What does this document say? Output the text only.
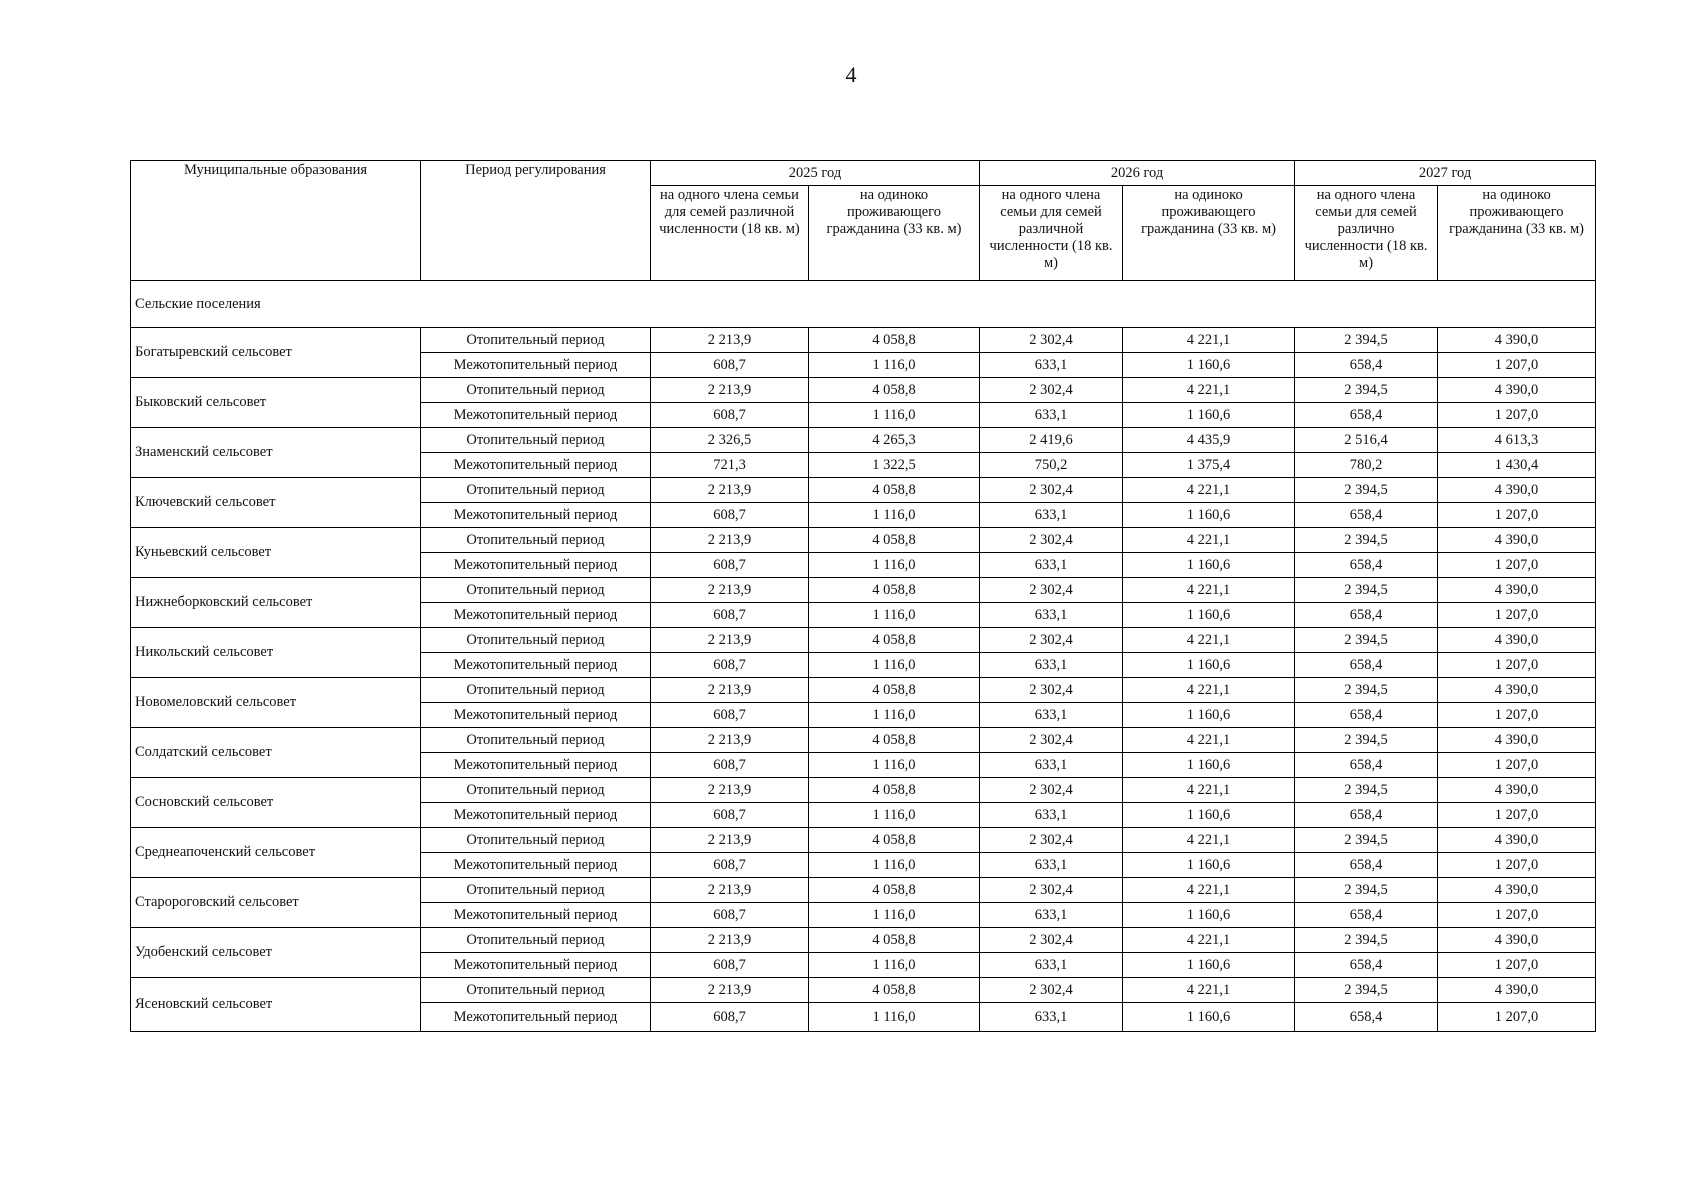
4
Муниципальные образования	Период регулирования	2025 год		2026 год		2027 год	
		на одного члена семьи для семей различной численности (18 кв. м)	на одиноко проживающего гражданина (33 кв. м)	на одного члена семьи для семей различной численности (18 кв. м)	на одиноко проживающего гражданина (33 кв. м)	на одного члена семьи для семей различно численности (18 кв. м)	на одиноко проживающего гражданина (33 кв. м)
Сельские поселения							
Богатыревский сельсовет	Отопительный период	2 213,9	4 058,8	2 302,4	4 221,1	2 394,5	4 390,0
	Межотопительный период	608,7	1 116,0	633,1	1 160,6	658,4	1 207,0
Быковский сельсовет	Отопительный период	2 213,9	4 058,8	2 302,4	4 221,1	2 394,5	4 390,0
	Межотопительный период	608,7	1 116,0	633,1	1 160,6	658,4	1 207,0
Знаменский сельсовет	Отопительный период	2 326,5	4 265,3	2 419,6	4 435,9	2 516,4	4 613,3
	Межотопительный период	721,3	1 322,5	750,2	1 375,4	780,2	1 430,4
Ключевский сельсовет	Отопительный период	2 213,9	4 058,8	2 302,4	4 221,1	2 394,5	4 390,0
	Межотопительный период	608,7	1 116,0	633,1	1 160,6	658,4	1 207,0
Куньевский сельсовет	Отопительный период	2 213,9	4 058,8	2 302,4	4 221,1	2 394,5	4 390,0
	Межотопительный период	608,7	1 116,0	633,1	1 160,6	658,4	1 207,0
Нижнеборковский сельсовет	Отопительный период	2 213,9	4 058,8	2 302,4	4 221,1	2 394,5	4 390,0
	Межотопительный период	608,7	1 116,0	633,1	1 160,6	658,4	1 207,0
Никольский сельсовет	Отопительный период	2 213,9	4 058,8	2 302,4	4 221,1	2 394,5	4 390,0
	Межотопительный период	608,7	1 116,0	633,1	1 160,6	658,4	1 207,0
Новомеловский сельсовет	Отопительный период	2 213,9	4 058,8	2 302,4	4 221,1	2 394,5	4 390,0
	Межотопительный период	608,7	1 116,0	633,1	1 160,6	658,4	1 207,0
Солдатский сельсовет	Отопительный период	2 213,9	4 058,8	2 302,4	4 221,1	2 394,5	4 390,0
	Межотопительный период	608,7	1 116,0	633,1	1 160,6	658,4	1 207,0
Сосновский сельсовет	Отопительный период	2 213,9	4 058,8	2 302,4	4 221,1	2 394,5	4 390,0
	Межотопительный период	608,7	1 116,0	633,1	1 160,6	658,4	1 207,0
Среднеапоченский сельсовет	Отопительный период	2 213,9	4 058,8	2 302,4	4 221,1	2 394,5	4 390,0
	Межотопительный период	608,7	1 116,0	633,1	1 160,6	658,4	1 207,0
Старороговский сельсовет	Отопительный период	2 213,9	4 058,8	2 302,4	4 221,1	2 394,5	4 390,0
	Межотопительный период	608,7	1 116,0	633,1	1 160,6	658,4	1 207,0
Удобенский сельсовет	Отопительный период	2 213,9	4 058,8	2 302,4	4 221,1	2 394,5	4 390,0
	Межотопительный период	608,7	1 116,0	633,1	1 160,6	658,4	1 207,0
Ясеновский сельсовет	Отопительный период	2 213,9	4 058,8	2 302,4	4 221,1	2 394,5	4 390,0
	Межотопительный период	608,7	1 116,0	633,1	1 160,6	658,4	1 207,0
